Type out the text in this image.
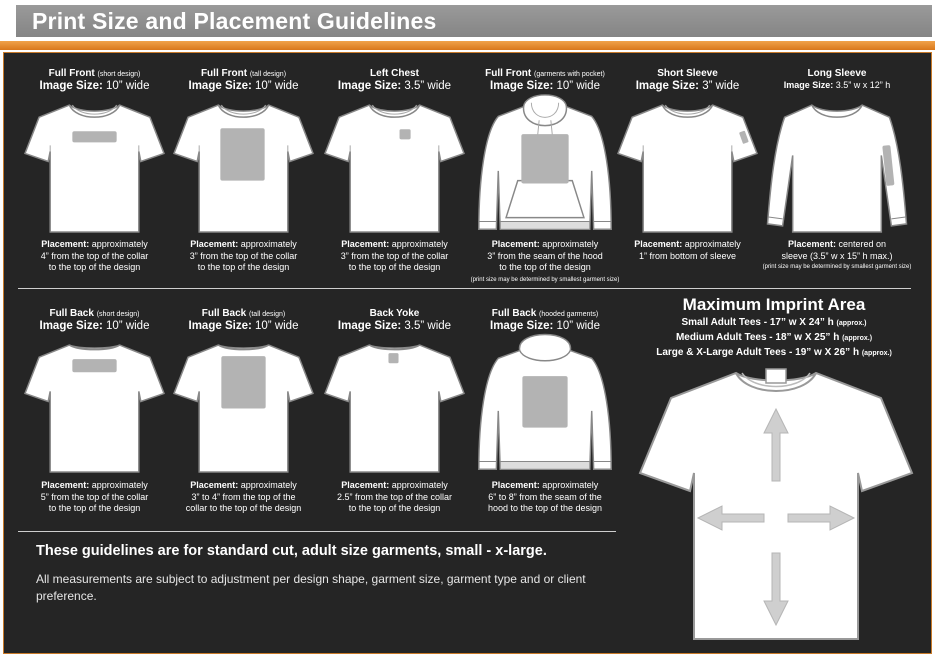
Print Size and Placement Guidelines
Full Front (short design)
Image Size: 10” wide
Placement: approximately
4” from the top of the collar
to the top of the design
Full Front (tall design)
Image Size: 10” wide
Placement: approximately
3” from the top of the collar
to the top of the design
Left Chest
Image Size: 3.5” wide
Placement: approximately
3” from the top of the collar
to the top of the design
Full Front (garments with pocket)
Image Size: 10” wide
Placement: approximately
3” from the seam of the hood
to the top of the design
(print size may be determined by smallest garment size)
Short Sleeve
Image Size: 3” wide
Placement: approximately
1” from bottom of sleeve
Long Sleeve
Image Size: 3.5” w x 12” h
Placement: centered on
sleeve (3.5” w x 15” h max.)
(print size may be determined by smallest garment size)
Full Back (short design)
Image Size: 10” wide
Placement: approximately
5” from the top of the collar
to the top of the design
Full Back (tall design)
Image Size: 10” wide
Placement: approximately
3” to 4” from the top of the
collar to the top of the design
Back Yoke
Image Size: 3.5” wide
Placement: approximately
2.5” from the top of the collar
to the top of the design
Full Back (hooded garments)
Image Size: 10” wide
Placement: approximately
6” to 8” from the seam of the
hood to the top of the design
These guidelines are for standard cut, adult size garments, small - x-large.
All measurements are subject to adjustment per design shape, garment size, garment type and or client preference.
Maximum Imprint Area
Small Adult Tees - 17” w X 24” h (approx.)
Medium Adult Tees - 18” w X 25” h (approx.)
Large & X-Large Adult Tees - 19” w X 26” h (approx.)
